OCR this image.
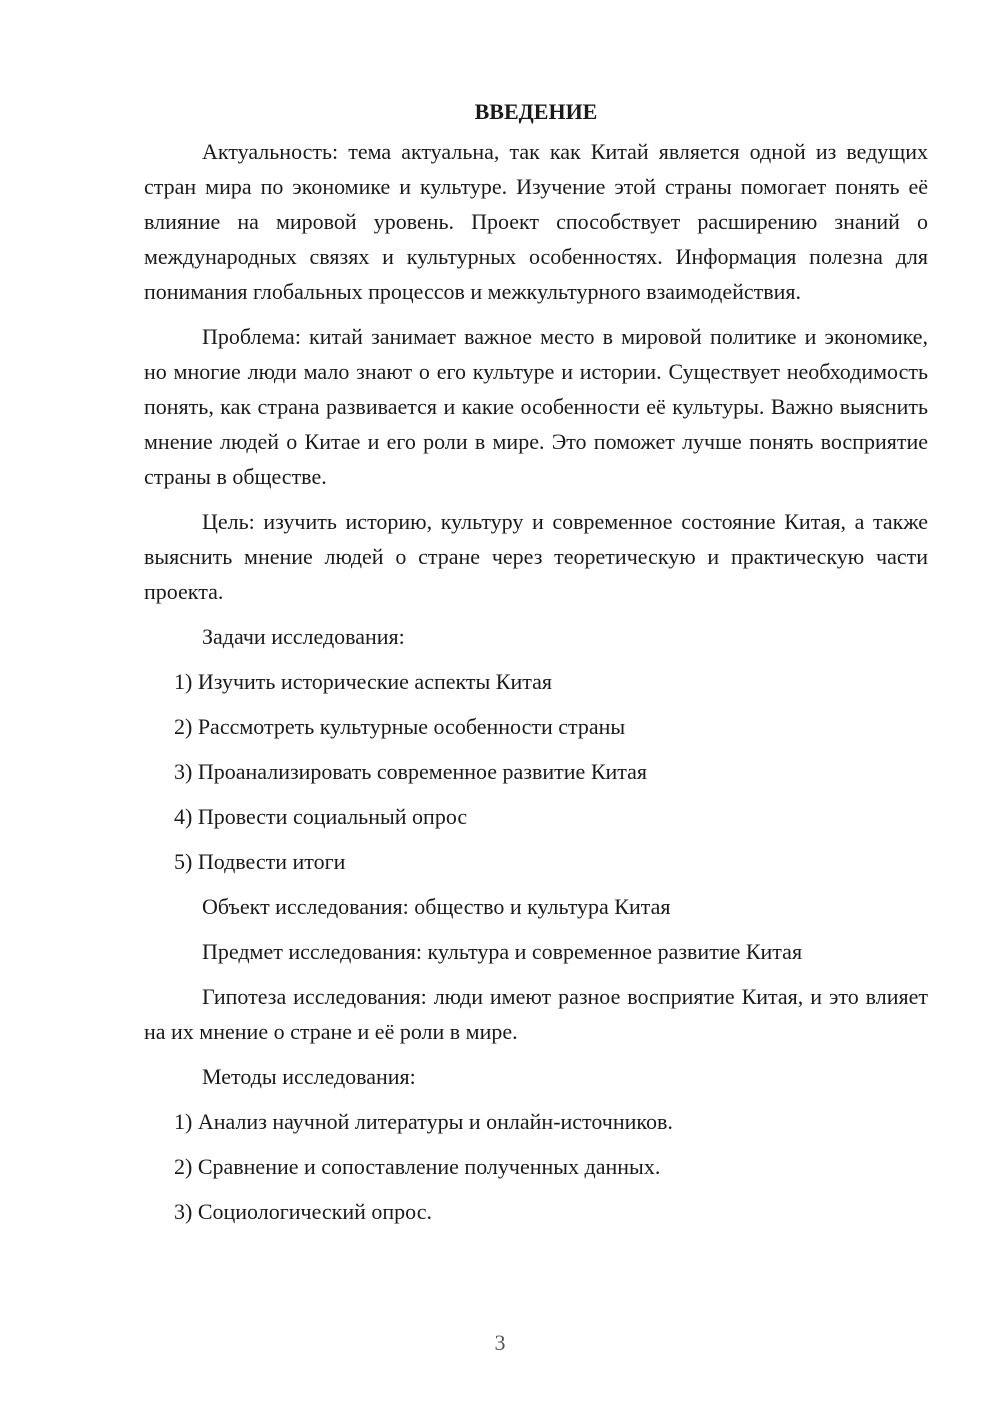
ВВЕДЕНИЕ

Актуальность: тема актуальна, так как Китай является одной из ведущих стран мира по экономике и культуре. Изучение этой страны помогает понять её влияние на мировой уровень. Проект способствует расширению знаний о международных связях и культурных особенностях. Информация полезна для понимания глобальных процессов и межкультурного взаимодействия.

Проблема: китай занимает важное место в мировой политике и экономике, но многие люди мало знают о его культуре и истории. Существует необходимость понять, как страна развивается и какие особенности её культуры. Важно выяснить мнение людей о Китае и его роли в мире. Это поможет лучше понять восприятие страны в обществе.

Цель: изучить историю, культуру и современное состояние Китая, а также выяснить мнение людей о стране через теоретическую и практическую части проекта.

Задачи исследования:
1) Изучить исторические аспекты Китая
2) Рассмотреть культурные особенности страны
3) Проанализировать современное развитие Китая
4) Провести социальный опрос
5) Подвести итоги
Объект исследования: общество и культура Китая
Предмет исследования: культура и современное развитие Китая

Гипотеза исследования: люди имеют разное восприятие Китая, и это влияет на их мнение о стране и её роли в мире.

Методы исследования:
1) Анализ научной литературы и онлайн-источников.
2) Сравнение и сопоставление полученных данных.
3) Социологический опрос.
3
